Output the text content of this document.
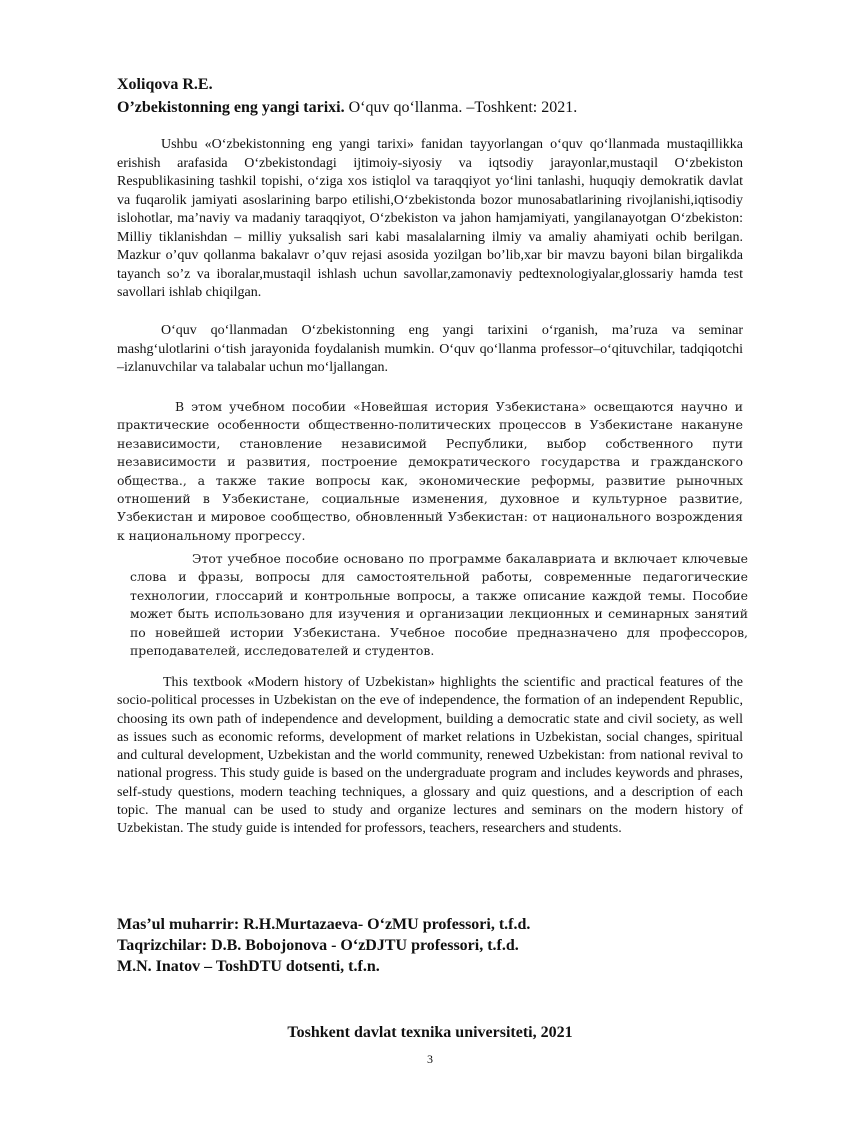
Xoliqova R.E.
O’zbekistonning eng yangi tarixi. Oʻquv qoʻllanma. –Toshkent: 2021.

Ushbu «Oʻzbekistonning eng yangi tarixi» fanidan tayyorlangan oʻquv qoʻllanmada mustaqillikka erishish arafasida Oʻzbekistondagi ijtimoiy-siyosiy va iqtsodiy jarayonlar,mustaqil Oʻzbekiston Respublikasining tashkil topishi, oʻziga xos istiqlol va taraqqiyot yoʻlini tanlashi, huquqiy demokratik davlat va fuqarolik jamiyati asoslarining barpo etilishi,Oʻzbekistonda bozor munosabatlarining rivojlanishi,iqtisodiy islohotlar, ma’naviy va madaniy taraqqiyot, Oʻzbekiston va jahon hamjamiyati, yangilanayotgan Oʻzbekiston: Milliy tiklanishdan – milliy yuksalish sari kabi masalalarning ilmiy va amaliy ahamiyati ochib berilgan. Mazkur o’quv qollanma bakalavr o’quv rejasi asosida yozilgan bo’lib,xar bir mavzu bayoni bilan birgalikda tayanch so’z va iboralar,mustaqil ishlash uchun savollar,zamonaviy pedtexnologiyalar,glossariy hamda test savollari ishlab chiqilgan.

Oʻquv qoʻllanmadan Oʻzbekistonning eng yangi tarixini oʻrganish, ma’ruza va seminar mashgʻulotlarini oʻtish jarayonida foydalanish mumkin. Oʻquv qoʻllanma professor–oʻqituvchilar, tadqiqotchi –izlanuvchilar va talabalar uchun moʻljallangan.

В этом учебном пособии «Новейшая история Узбекистана» освещаются научно и практические особенности общественно-политических процессов в Узбекистане накануне независимости, становление независимой Республики, выбор собственного пути независимости и развития, построение демократического государства и гражданского общества., а также такие вопросы как, экономические реформы, развитие рыночных отношений в Узбекистане, социальные изменения, духовное и культурное развитие, Узбекистан и мировое сообщество, обновленный Узбекистан: от национального возрождения к национальному прогрессу.

Этот учебное пособие основано по программе бакалавриата и включает ключевые слова и фразы, вопросы для самостоятельной работы, современные педагогические технологии, глоссарий и контрольные вопросы, а также описание каждой темы. Пособие может быть использовано для изучения и организации лекционных и семинарных занятий по новейшей истории Узбекистана. Учебное пособие предназначено для профессоров, преподавателей, исследователей и студентов.

This textbook «Modern history of Uzbekistan» highlights the scientific and practical features of the socio-political processes in Uzbekistan on the eve of independence, the formation of an independent Republic, choosing its own path of independence and development, building a democratic state and civil society, as well as issues such as economic reforms, development of market relations in Uzbekistan, social changes, spiritual and cultural development, Uzbekistan and the world community, renewed Uzbekistan: from national revival to national progress. This study guide is based on the undergraduate program and includes keywords and phrases, self-study questions, modern teaching techniques, a glossary and quiz questions, and a description of each topic. The manual can be used to study and organize lectures and seminars on the modern history of Uzbekistan. The study guide is intended for professors, teachers, researchers and students.

Mas’ul muharrir: R.H.Murtazaeva- O‘zMU professori, t.f.d.
Taqrizchilar: D.B. Bobojonova - O‘zDJTU professori, t.f.d.
M.N. Inatov – ToshDTU dotsenti, t.f.n.
Toshkent davlat texnika universiteti, 2021
3
